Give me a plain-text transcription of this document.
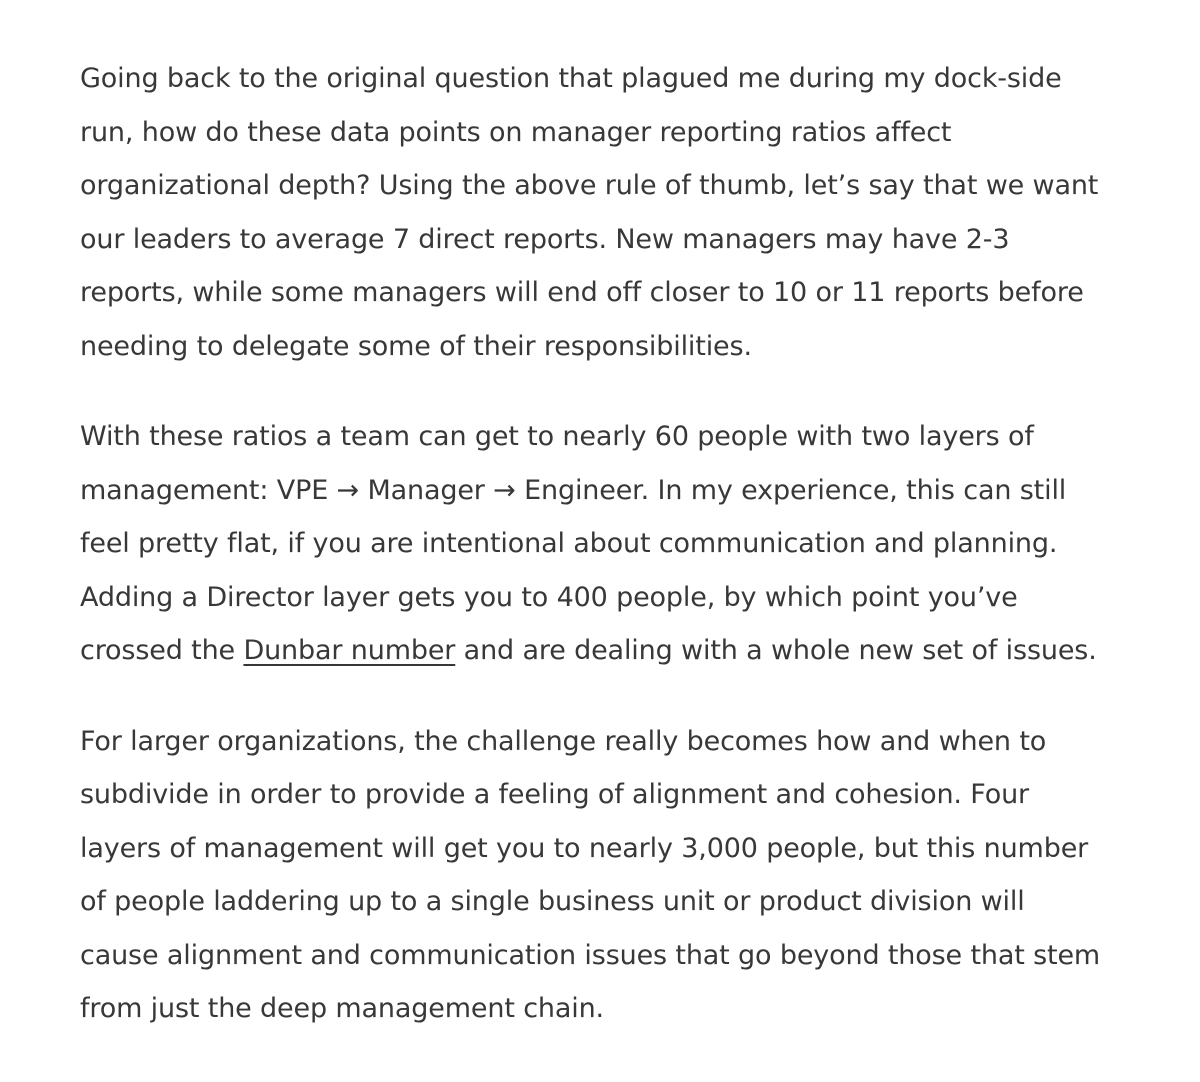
Going back to the original question that plagued me during my dock-side
run, how do these data points on manager reporting ratios affect
organizational depth? Using the above rule of thumb, let’s say that we want
our leaders to average 7 direct reports. New managers may have 2-3
reports, while some managers will end off closer to 10 or 11 reports before
needing to delegate some of their responsibilities.

With these ratios a team can get to nearly 60 people with two layers of
management: VPE → Manager → Engineer. In my experience, this can still
feel pretty flat, if you are intentional about communication and planning.
Adding a Director layer gets you to 400 people, by which point you’ve
crossed the Dunbar number and are dealing with a whole new set of issues.

For larger organizations, the challenge really becomes how and when to
subdivide in order to provide a feeling of alignment and cohesion. Four
layers of management will get you to nearly 3,000 people, but this number
of people laddering up to a single business unit or product division will
cause alignment and communication issues that go beyond those that stem
from just the deep management chain.
